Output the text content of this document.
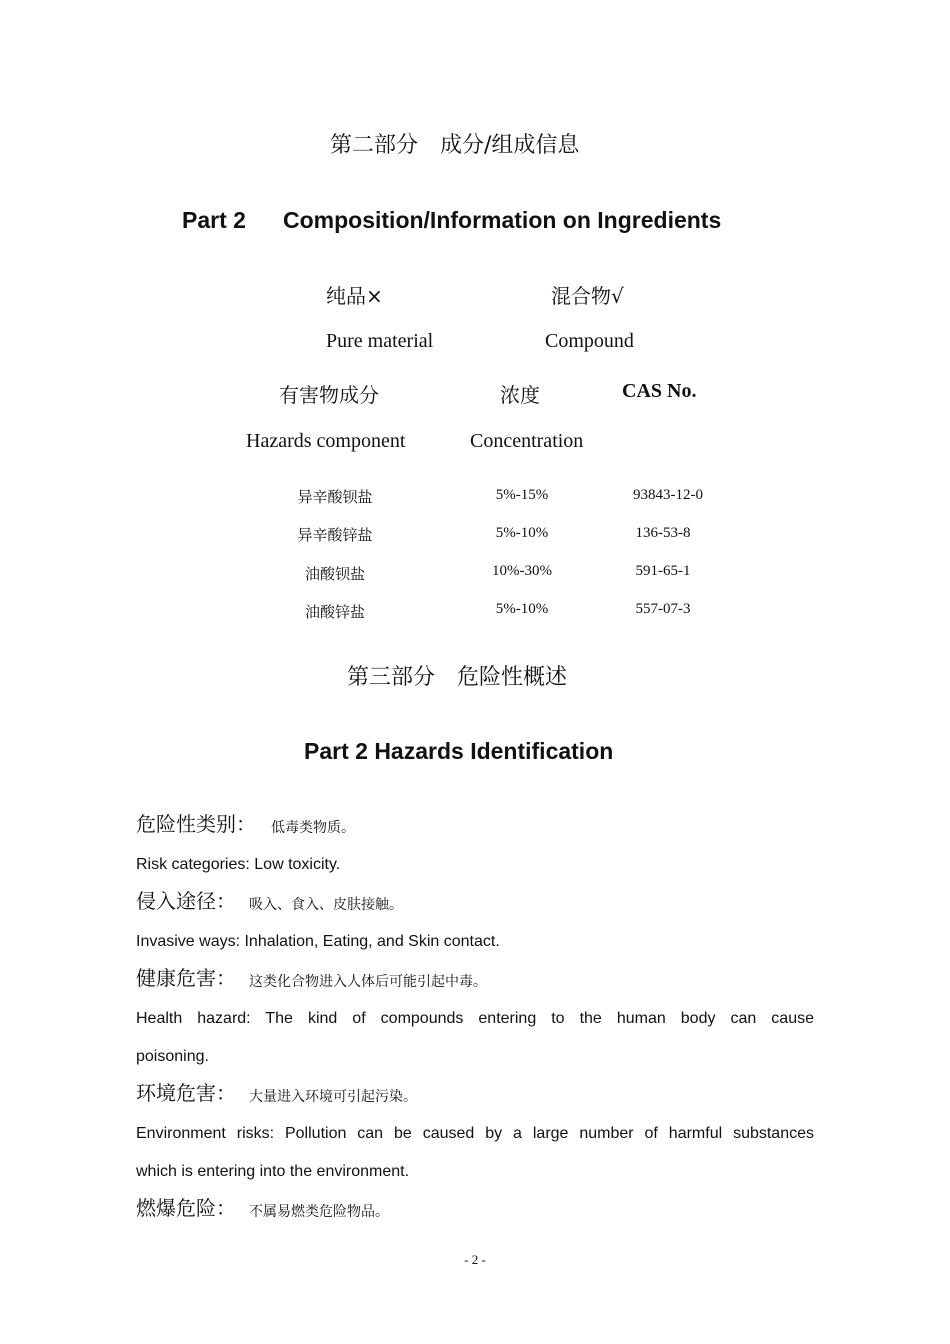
第二部分　成分/组成信息
Part 2 Composition/Information on Ingredients
纯品×	混合物√
Pure material	Compound
有害物成分	浓度	CAS No.
Hazards component	Concentration
异辛酸钡盐	5%-15%	93843-12-0
异辛酸锌盐	5%-10%	136-53-8
油酸钡盐	10%-30%	591-65-1
油酸锌盐	5%-10%	557-07-3
第三部分　危险性概述
Part 2 Hazards Identification
危险性类别： 低毒类物质。
Risk categories: Low toxicity.
侵入途径： 吸入、食入、皮肤接触。
Invasive ways: Inhalation, Eating, and Skin contact.
健康危害： 这类化合物进入人体后可能引起中毒。
Health hazard: The kind of compounds entering to the human body can cause
poisoning.
环境危害： 大量进入环境可引起污染。
Environment risks: Pollution can be caused by a large number of harmful substances
which is entering into the environment.
燃爆危险： 不属易燃类危险物品。
- 2 -
